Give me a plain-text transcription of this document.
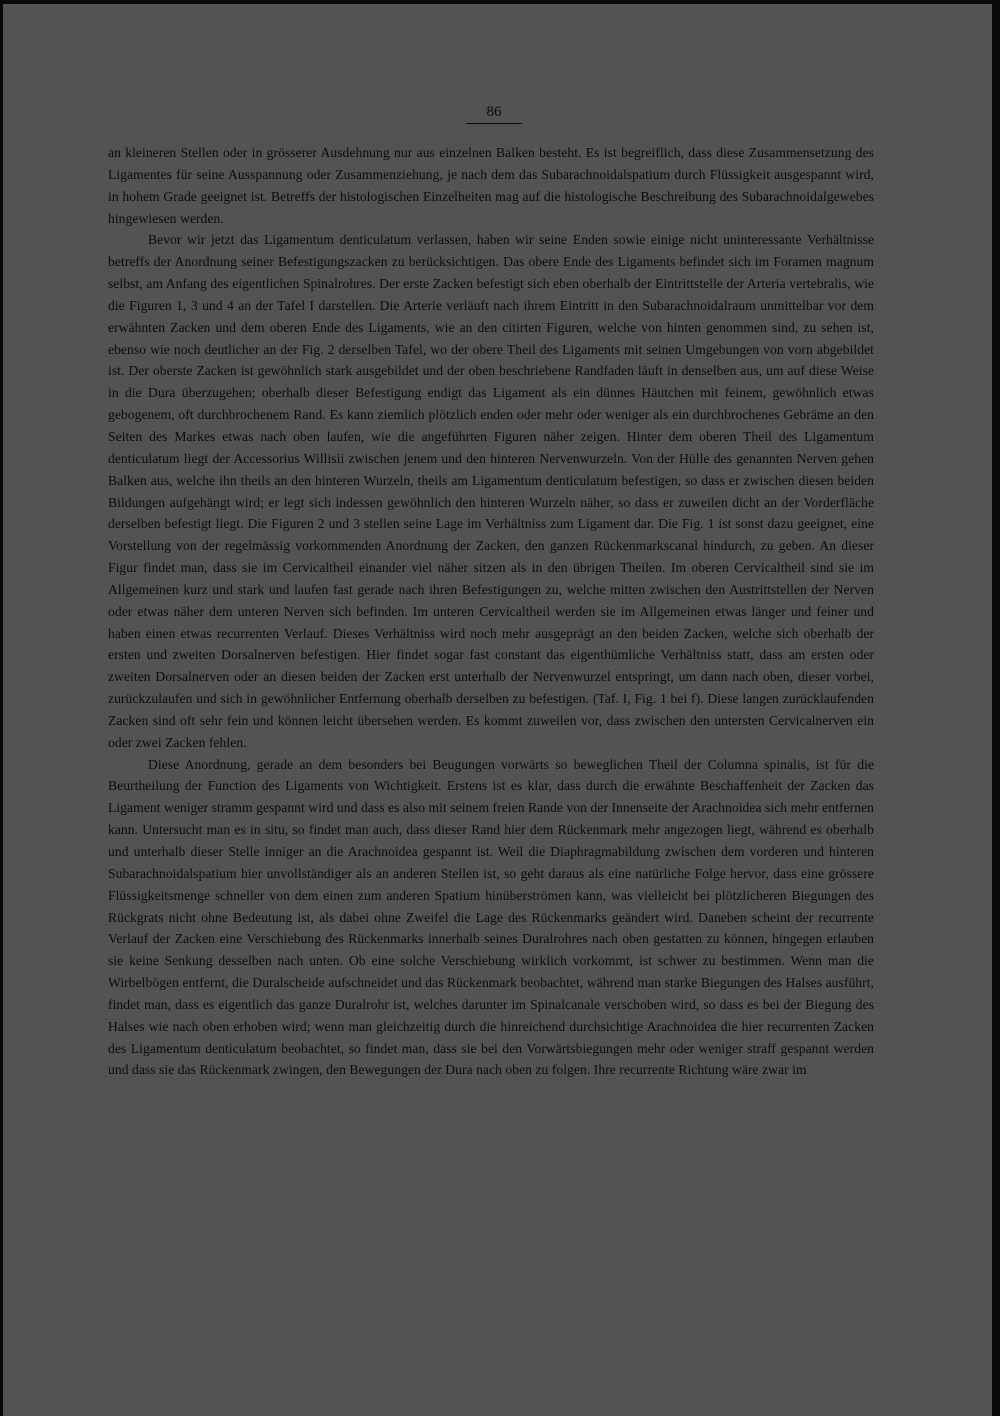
86

an kleineren Stellen oder in grösserer Ausdehnung nur aus einzelnen Balken besteht. Es ist begreiflich, dass diese Zusammensetzung des Ligamentes für seine Ausspannung oder Zusammenziehung, je nach dem das Subarachnoidalspatium durch Flüssigkeit ausgespannt wird, in hohem Grade geeignet ist. Betreffs der histologischen Einzelheiten mag auf die histologische Beschreibung des Subarachnoidalgewebes hingewiesen werden.

Bevor wir jetzt das Ligamentum denticulatum verlassen, haben wir seine Enden sowie einige nicht uninteressante Verhältnisse betreffs der Anordnung seiner Befestigungszacken zu berücksichtigen. Das obere Ende des Ligaments befindet sich im Foramen magnum selbst, am Anfang des eigentlichen Spinalrohres. Der erste Zacken befestigt sich eben oberhalb der Eintrittstelle der Arteria vertebralis, wie die Figuren 1, 3 und 4 an der Tafel I darstellen. Die Arterie verläuft nach ihrem Eintritt in den Subarachnoidalraum unmittelbar vor dem erwähnten Zacken und dem oberen Ende des Ligaments, wie an den citirten Figuren, welche von hinten genommen sind, zu sehen ist, ebenso wie noch deutlicher an der Fig. 2 derselben Tafel, wo der obere Theil des Ligaments mit seinen Umgebungen von vorn abgebildet ist. Der oberste Zacken ist gewöhnlich stark ausgebildet und der oben beschriebene Randfaden läuft in denselben aus, um auf diese Weise in die Dura überzugehen; oberhalb dieser Befestigung endigt das Ligament als ein dünnes Häutchen mit feinem, gewöhnlich etwas gebogenem, oft durchbrochenem Rand. Es kann ziemlich plötzlich enden oder mehr oder weniger als ein durchbrochenes Gebräme an den Seiten des Markes etwas nach oben laufen, wie die angeführten Figuren näher zeigen. Hinter dem oberen Theil des Ligamentum denticulatum liegt der Accessorius Willisii zwischen jenem und den hinteren Nervenwurzeln. Von der Hülle des genannten Nerven gehen Balken aus, welche ihn theils an den hinteren Wurzeln, theils am Ligamentum denticulatum befestigen, so dass er zwischen diesen beiden Bildungen aufgehängt wird; er legt sich indessen gewöhnlich den hinteren Wurzeln näher, so dass er zuweilen dicht an der Vorderfläche derselben befestigt liegt. Die Figuren 2 und 3 stellen seine Lage im Verhältniss zum Ligament dar. Die Fig. 1 ist sonst dazu geeignet, eine Vorstellung von der regelmässig vorkommenden Anordnung der Zacken, den ganzen Rückenmarkscanal hindurch, zu geben. An dieser Figur findet man, dass sie im Cervicaltheil einander viel näher sitzen als in den übrigen Theilen. Im oberen Cervicaltheil sind sie im Allgemeinen kurz und stark und laufen fast gerade nach ihren Befestigungen zu, welche mitten zwischen den Austrittstellen der Nerven oder etwas näher dem unteren Nerven sich befinden. Im unteren Cervicaltheil werden sie im Allgemeinen etwas länger und feiner und haben einen etwas recurrenten Verlauf. Dieses Verhältniss wird noch mehr ausgeprägt an den beiden Zacken, welche sich oberhalb der ersten und zweiten Dorsalnerven befestigen. Hier findet sogar fast constant das eigenthümliche Verhältniss statt, dass am ersten oder zweiten Dorsalnerven oder an diesen beiden der Zacken erst unterhalb der Nervenwurzel entspringt, um dann nach oben, dieser vorbei, zurückzulaufen und sich in gewöhnlicher Entfernung oberhalb derselben zu befestigen. (Taf. I, Fig. 1 bei f). Diese langen zurücklaufenden Zacken sind oft sehr fein und können leicht übersehen werden. Es kommt zuweilen vor, dass zwischen den untersten Cervicalnerven ein oder zwei Zacken fehlen.

Diese Anordnung, gerade an dem besonders bei Beugungen vorwärts so beweglichen Theil der Columna spinalis, ist für die Beurtheilung der Function des Ligaments von Wichtigkeit. Erstens ist es klar, dass durch die erwähnte Beschaffenheit der Zacken das Ligament weniger stramm gespannt wird und dass es also mit seinem freien Rande von der Innenseite der Arachnoidea sich mehr entfernen kann. Untersucht man es in situ, so findet man auch, dass dieser Rand hier dem Rückenmark mehr angezogen liegt, während es oberhalb und unterhalb dieser Stelle inniger an die Arachnoidea gespannt ist. Weil die Diaphragmabildung zwischen dem vorderen und hinteren Subarachnoidalspatium hier unvollständiger als an anderen Stellen ist, so geht daraus als eine natürliche Folge hervor, dass eine grössere Flüssigkeitsmenge schneller von dem einen zum anderen Spatium hinüberströmen kann, was vielleicht bei plötzlicheren Biegungen des Rückgrats nicht ohne Bedeutung ist, als dabei ohne Zweifel die Lage des Rückenmarks geändert wird. Daneben scheint der recurrente Verlauf der Zacken eine Verschiebung des Rückenmarks innerhalb seines Duralrohres nach oben gestatten zu können, hingegen erlauben sie keine Senkung desselben nach unten. Ob eine solche Verschiebung wirklich vorkommt, ist schwer zu bestimmen. Wenn man die Wirbelbögen entfernt, die Duralscheide aufschneidet und das Rückenmark beobachtet, während man starke Biegungen des Halses ausführt, findet man, dass es eigentlich das ganze Duralrohr ist, welches darunter im Spinalcanale verschoben wird, so dass es bei der Biegung des Halses wie nach oben erhoben wird; wenn man gleichzeitig durch die hinreichend durchsichtige Arachnoidea die hier recurrenten Zacken des Ligamentum denticulatum beobachtet, so findet man, dass sie bei den Vorwärtsbiegungen mehr oder weniger straff gespannt werden und dass sie das Rückenmark zwingen, den Bewegungen der Dura nach oben zu folgen. Ihre recurrente Richtung wäre zwar im
